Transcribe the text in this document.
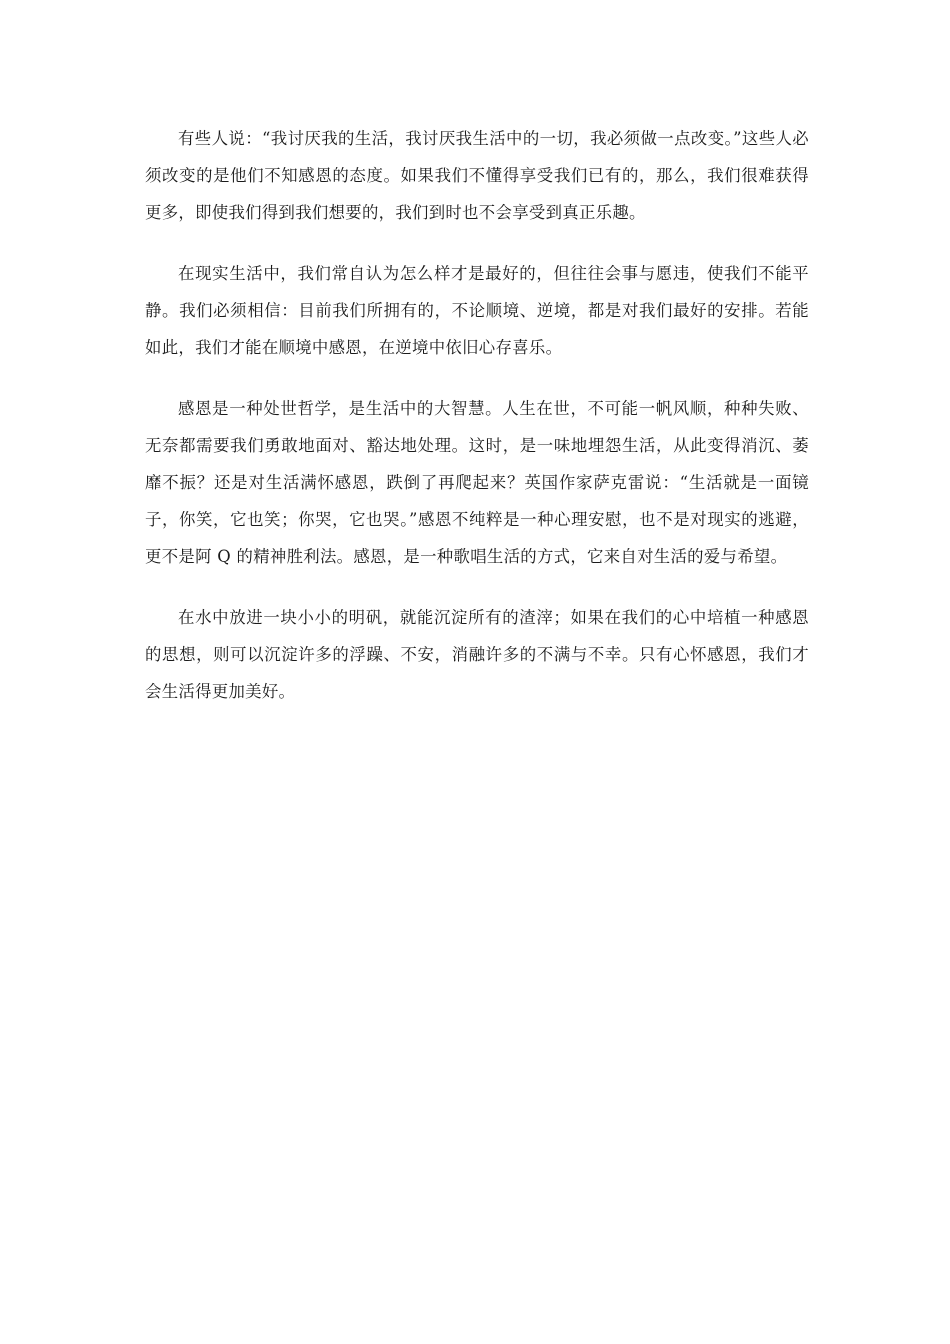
有些人说：“我讨厌我的生活，我讨厌我生活中的一切，我必须做一点改变。”这些人必须改变的是他们不知感恩的态度。如果我们不懂得享受我们已有的，那么，我们很难获得更多，即使我们得到我们想要的，我们到时也不会享受到真正乐趣。

在现实生活中，我们常自认为怎么样才是最好的，但往往会事与愿违，使我们不能平静。我们必须相信：目前我们所拥有的，不论顺境、逆境，都是对我们最好的安排。若能如此，我们才能在顺境中感恩，在逆境中依旧心存喜乐。

感恩是一种处世哲学，是生活中的大智慧。人生在世，不可能一帆风顺，种种失败、无奈都需要我们勇敢地面对、豁达地处理。这时，是一味地埋怨生活，从此变得消沉、萎靡不振？还是对生活满怀感恩，跌倒了再爬起来？英国作家萨克雷说：“生活就是一面镜子，你笑，它也笑；你哭，它也哭。”感恩不纯粹是一种心理安慰，也不是对现实的逃避，更不是阿 Q 的精神胜利法。感恩，是一种歌唱生活的方式，它来自对生活的爱与希望。

在水中放进一块小小的明矾，就能沉淀所有的渣滓；如果在我们的心中培植一种感恩的思想，则可以沉淀许多的浮躁、不安，消融许多的不满与不幸。只有心怀感恩，我们才会生活得更加美好。
